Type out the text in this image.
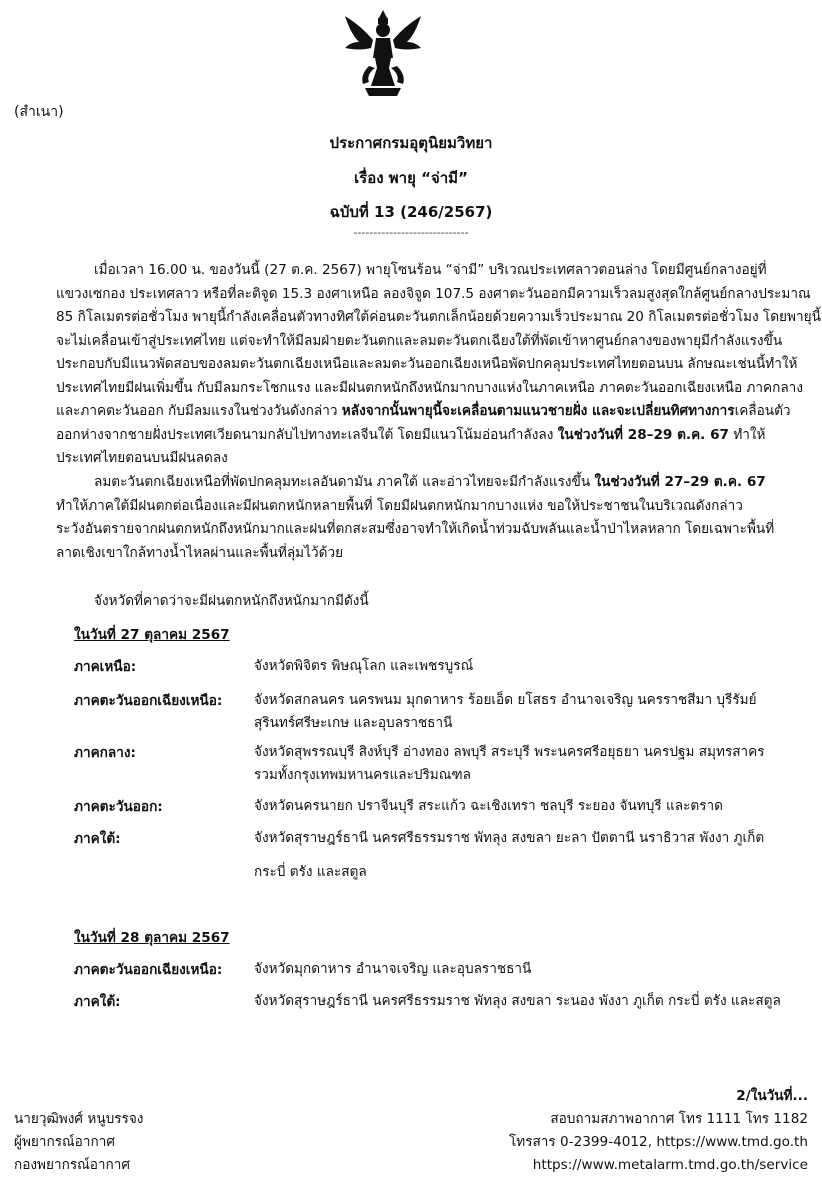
(สำเนา)
ประกาศกรมอุตุนิยมวิทยา
เรื่อง พายุ “จ่ามี”
ฉบับที่ 13 (246/2567)
-----------------------------

เมื่อเวลา 16.00 น. ของวันนี้ (27 ต.ค. 2567) พายุโซนร้อน “จ่ามี” บริเวณประเทศลาวตอนล่าง โดยมีศูนย์กลางอยู่ที่

แขวงเซกอง ประเทศลาว หรือที่ละติจูด 15.3 องศาเหนือ ลองจิจูด 107.5 องศาตะวันออกมีความเร็วลมสูงสุดใกล้ศูนย์กลางประมาณ

85 กิโลเมตรต่อชั่วโมง พายุนี้กำลังเคลื่อนตัวทางทิศใต้ค่อนตะวันตกเล็กน้อยด้วยความเร็วประมาณ 20 กิโลเมตรต่อชั่วโมง โดยพายุนี้

จะไม่เคลื่อนเข้าสู่ประเทศไทย แต่จะทำให้มีลมฝ่ายตะวันตกและลมตะวันตกเฉียงใต้ที่พัดเข้าหาศูนย์กลางของพายุมีกำลังแรงขึ้น

ประกอบกับมีแนวพัดสอบของลมตะวันตกเฉียงเหนือและลมตะวันออกเฉียงเหนือพัดปกคลุมประเทศไทยตอนบน ลักษณะเช่นนี้ทำให้

ประเทศไทยมีฝนเพิ่มขึ้น กับมีลมกระโชกแรง และมีฝนตกหนักถึงหนักมากบางแห่งในภาคเหนือ ภาคตะวันออกเฉียงเหนือ ภาคกลาง

และภาคตะวันออก กับมีลมแรงในช่วงวันดังกล่าว หลังจากนั้นพายุนี้จะเคลื่อนตามแนวชายฝั่ง และจะเปลี่ยนทิศทางการเคลื่อนตัว

ออกห่างจากชายฝั่งประเทศเวียดนามกลับไปทางทะเลจีนใต้ โดยมีแนวโน้มอ่อนกำลังลง ในช่วงวันที่ 28–29 ต.ค. 67 ทำให้

ประเทศไทยตอนบนมีฝนลดลง

ลมตะวันตกเฉียงเหนือที่พัดปกคลุมทะเลอันดามัน ภาคใต้ และอ่าวไทยจะมีกำลังแรงขึ้น ในช่วงวันที่ 27–29 ต.ค. 67

ทำให้ภาคใต้มีฝนตกต่อเนื่องและมีฝนตกหนักหลายพื้นที่ โดยมีฝนตกหนักมากบางแห่ง ขอให้ประชาชนในบริเวณดังกล่าว

ระวังอันตรายจากฝนตกหนักถึงหนักมากและฝนที่ตกสะสมซึ่งอาจทำให้เกิดน้ำท่วมฉับพลันและน้ำป่าไหลหลาก โดยเฉพาะพื้นที่

ลาดเชิงเขาใกล้ทางน้ำไหลผ่านและพื้นที่ลุ่มไว้ด้วย

จังหวัดที่คาดว่าจะมีฝนตกหนักถึงหนักมากมีดังนี้
ในวันที่ 27 ตุลาคม 2567
ภาคเหนือ:	จังหวัดพิจิตร พิษณุโลก และเพชรบูรณ์
ภาคตะวันออกเฉียงเหนือ: จังหวัดสกลนคร นครพนม มุกดาหาร ร้อยเอ็ด ยโสธร อำนาจเจริญ นครราชสีมา บุรีรัมย์
สุรินทร์ศรีษะเกษ และอุบลราชธานี
ภาคกลาง:	จังหวัดสุพรรณบุรี สิงห์บุรี อ่างทอง ลพบุรี สระบุรี พระนครศรีอยุธยา นครปฐม สมุทรสาคร
รวมทั้งกรุงเทพมหานครและปริมณฑล
ภาคตะวันออก:	จังหวัดนครนายก ปราจีนบุรี สระแก้ว ฉะเชิงเทรา ชลบุรี ระยอง จันทบุรี และตราด
ภาคใต้:	จังหวัดสุราษฎร์ธานี นครศรีธรรมราช พัทลุง สงขลา ยะลา ปัตตานี นราธิวาส พังงา ภูเก็ต
กระบี่ ตรัง และสตูล
ในวันที่ 28 ตุลาคม 2567
ภาคตะวันออกเฉียงเหนือ: จังหวัดมุกดาหาร อำนาจเจริญ และอุบลราชธานี
ภาคใต้:	จังหวัดสุราษฎร์ธานี นครศรีธรรมราช พัทลุง สงขลา ระนอง พังงา ภูเก็ต กระบี่ ตรัง และสตูล
2/ในวันที่...
นายวุฒิพงศ์ หนูบรรจง
ผู้พยากรณ์อากาศ
กองพยากรณ์อากาศ
สอบถามสภาพอากาศ โทร 1111 โทร 1182
โทรสาร 0-2399-4012, https://www.tmd.go.th
https://www.metalarm.tmd.go.th/service
